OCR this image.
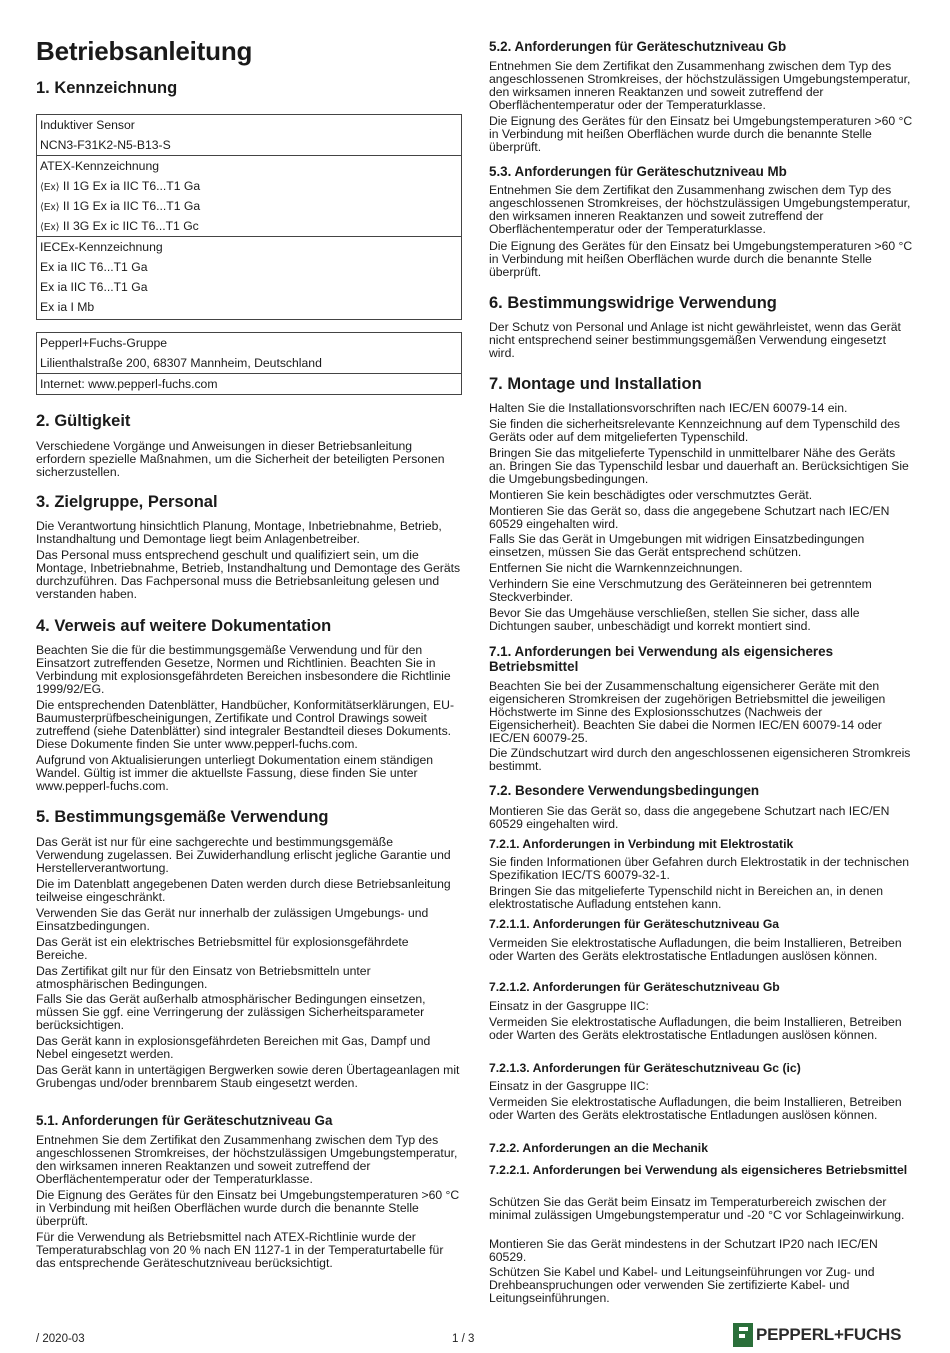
Betriebsanleitung
1. Kennzeichnung
Induktiver Sensor
NCN3-F31K2-N5-B13-S
ATEX-Kennzeichnung
⟨Ex⟩ II 1G Ex ia IIC T6...T1 Ga
⟨Ex⟩ II 1G Ex ia IIC T6...T1 Ga
⟨Ex⟩ II 3G Ex ic IIC T6...T1 Gc
IECEx-Kennzeichnung
Ex ia IIC T6...T1 Ga
Ex ia IIC T6...T1 Ga
Ex ia I Mb
Pepperl+Fuchs-Gruppe
Lilienthalstraße 200, 68307 Mannheim, Deutschland
Internet: www.pepperl-fuchs.com
2. Gültigkeit

Verschiedene Vorgänge und Anweisungen in dieser Betriebsanleitung erfordern spezielle Maßnahmen, um die Sicherheit der beteiligten Personen sicherzustellen.

3. Zielgruppe, Personal

Die Verantwortung hinsichtlich Planung, Montage, Inbetriebnahme, Betrieb, Instandhaltung und Demontage liegt beim Anlagenbetreiber.

Das Personal muss entsprechend geschult und qualifiziert sein, um die Montage, Inbetriebnahme, Betrieb, Instandhaltung und Demontage des Geräts durchzuführen. Das Fachpersonal muss die Betriebsanleitung gelesen und verstanden haben.

4. Verweis auf weitere Dokumentation

Beachten Sie die für die bestimmungsgemäße Verwendung und für den Einsatzort zutreffenden Gesetze, Normen und Richtlinien. Beachten Sie in Verbindung mit explosionsgefährdeten Bereichen insbesondere die Richtlinie 1999/92/EG.

Die entsprechenden Datenblätter, Handbücher, Konformitätserklärungen, EU-Baumusterprüfbescheinigungen, Zertifikate und Control Drawings soweit zutreffend (siehe Datenblätter) sind integraler Bestandteil dieses Dokuments. Diese Dokumente finden Sie unter www.pepperl-fuchs.com.

Aufgrund von Aktualisierungen unterliegt Dokumentation einem ständigen Wandel. Gültig ist immer die aktuellste Fassung, diese finden Sie unter www.pepperl-fuchs.com.

5. Bestimmungsgemäße Verwendung

Das Gerät ist nur für eine sachgerechte und bestimmungsgemäße Verwendung zugelassen. Bei Zuwiderhandlung erlischt jegliche Garantie und Herstellerverantwortung.

Die im Datenblatt angegebenen Daten werden durch diese Betriebsanleitung teilweise eingeschränkt.

Verwenden Sie das Gerät nur innerhalb der zulässigen Umgebungs- und Einsatzbedingungen.

Das Gerät ist ein elektrisches Betriebsmittel für explosionsgefährdete Bereiche.

Das Zertifikat gilt nur für den Einsatz von Betriebsmitteln unter atmosphärischen Bedingungen.

Falls Sie das Gerät außerhalb atmosphärischer Bedingungen einsetzen, müssen Sie ggf. eine Verringerung der zulässigen Sicherheitsparameter berücksichtigen.

Das Gerät kann in explosionsgefährdeten Bereichen mit Gas, Dampf und Nebel eingesetzt werden.

Das Gerät kann in untertägigen Bergwerken sowie deren Übertageanlagen mit Grubengas und/oder brennbarem Staub eingesetzt werden.

5.1. Anforderungen für Geräteschutzniveau Ga

Entnehmen Sie dem Zertifikat den Zusammenhang zwischen dem Typ des angeschlossenen Stromkreises, der höchstzulässigen Umgebungstemperatur, den wirksamen inneren Reaktanzen und soweit zutreffend der Oberflächentemperatur oder der Temperaturklasse.

Die Eignung des Gerätes für den Einsatz bei Umgebungstemperaturen >60 °C in Verbindung mit heißen Oberflächen wurde durch die benannte Stelle überprüft.

Für die Verwendung als Betriebsmittel nach ATEX-Richtlinie wurde der Temperaturabschlag von 20 % nach EN 1127-1 in der Temperaturtabelle für das entsprechende Geräteschutzniveau berücksichtigt.

5.2. Anforderungen für Geräteschutzniveau Gb

Entnehmen Sie dem Zertifikat den Zusammenhang zwischen dem Typ des angeschlossenen Stromkreises, der höchstzulässigen Umgebungstemperatur, den wirksamen inneren Reaktanzen und soweit zutreffend der Oberflächentemperatur oder der Temperaturklasse.

Die Eignung des Gerätes für den Einsatz bei Umgebungstemperaturen >60 °C in Verbindung mit heißen Oberflächen wurde durch die benannte Stelle überprüft.

5.3. Anforderungen für Geräteschutzniveau Mb

Entnehmen Sie dem Zertifikat den Zusammenhang zwischen dem Typ des angeschlossenen Stromkreises, der höchstzulässigen Umgebungstemperatur, den wirksamen inneren Reaktanzen und soweit zutreffend der Oberflächentemperatur oder der Temperaturklasse.

Die Eignung des Gerätes für den Einsatz bei Umgebungstemperaturen >60 °C in Verbindung mit heißen Oberflächen wurde durch die benannte Stelle überprüft.

6. Bestimmungswidrige Verwendung

Der Schutz von Personal und Anlage ist nicht gewährleistet, wenn das Gerät nicht entsprechend seiner bestimmungsgemäßen Verwendung eingesetzt wird.

7. Montage und Installation

Halten Sie die Installationsvorschriften nach IEC/EN 60079-14 ein.

Sie finden die sicherheitsrelevante Kennzeichnung auf dem Typenschild des Geräts oder auf dem mitgelieferten Typenschild.

Bringen Sie das mitgelieferte Typenschild in unmittelbarer Nähe des Geräts an. Bringen Sie das Typenschild lesbar und dauerhaft an. Berücksichtigen Sie die Umgebungsbedingungen.

Montieren Sie kein beschädigtes oder verschmutztes Gerät.

Montieren Sie das Gerät so, dass die angegebene Schutzart nach IEC/EN 60529 eingehalten wird.

Falls Sie das Gerät in Umgebungen mit widrigen Einsatzbedingungen einsetzen, müssen Sie das Gerät entsprechend schützen.

Entfernen Sie nicht die Warnkennzeichnungen.

Verhindern Sie eine Verschmutzung des Geräteinneren bei getrenntem Steckverbinder.

Bevor Sie das Umgehäuse verschließen, stellen Sie sicher, dass alle Dichtungen sauber, unbeschädigt und korrekt montiert sind.

7.1. Anforderungen bei Verwendung als eigensicheres Betriebsmittel

Beachten Sie bei der Zusammenschaltung eigensicherer Geräte mit den eigensicheren Stromkreisen der zugehörigen Betriebsmittel die jeweiligen Höchstwerte im Sinne des Explosionsschutzes (Nachweis der Eigensicherheit). Beachten Sie dabei die Normen IEC/EN 60079-14 oder IEC/EN 60079-25.

Die Zündschutzart wird durch den angeschlossenen eigensicheren Stromkreis bestimmt.

7.2. Besondere Verwendungsbedingungen

Montieren Sie das Gerät so, dass die angegebene Schutzart nach IEC/EN 60529 eingehalten wird.

7.2.1. Anforderungen in Verbindung mit Elektrostatik

Sie finden Informationen über Gefahren durch Elektrostatik in der technischen Spezifikation IEC/TS 60079-32-1.

Bringen Sie das mitgelieferte Typenschild nicht in Bereichen an, in denen elektrostatische Aufladung entstehen kann.

7.2.1.1. Anforderungen für Geräteschutzniveau Ga

Vermeiden Sie elektrostatische Aufladungen, die beim Installieren, Betreiben oder Warten des Geräts elektrostatische Entladungen auslösen können.

7.2.1.2. Anforderungen für Geräteschutzniveau Gb

Einsatz in der Gasgruppe IIC:

Vermeiden Sie elektrostatische Aufladungen, die beim Installieren, Betreiben oder Warten des Geräts elektrostatische Entladungen auslösen können.

7.2.1.3. Anforderungen für Geräteschutzniveau Gc (ic)

Einsatz in der Gasgruppe IIC:

Vermeiden Sie elektrostatische Aufladungen, die beim Installieren, Betreiben oder Warten des Geräts elektrostatische Entladungen auslösen können.

7.2.2. Anforderungen an die Mechanik
7.2.2.1. Anforderungen bei Verwendung als eigensicheres Betriebsmittel

Schützen Sie das Gerät beim Einsatz im Temperaturbereich zwischen der minimal zulässigen Umgebungstemperatur und -20 °C vor Schlageinwirkung.

Montieren Sie das Gerät mindestens in der Schutzart IP20 nach IEC/EN 60529.

Schützen Sie Kabel und Kabel- und Leitungseinführungen vor Zug- und Drehbeanspruchungen oder verwenden Sie zertifizierte Kabel- und Leitungseinführungen.

/ 2020-03	1 / 3	PEPPERL+FUCHS
